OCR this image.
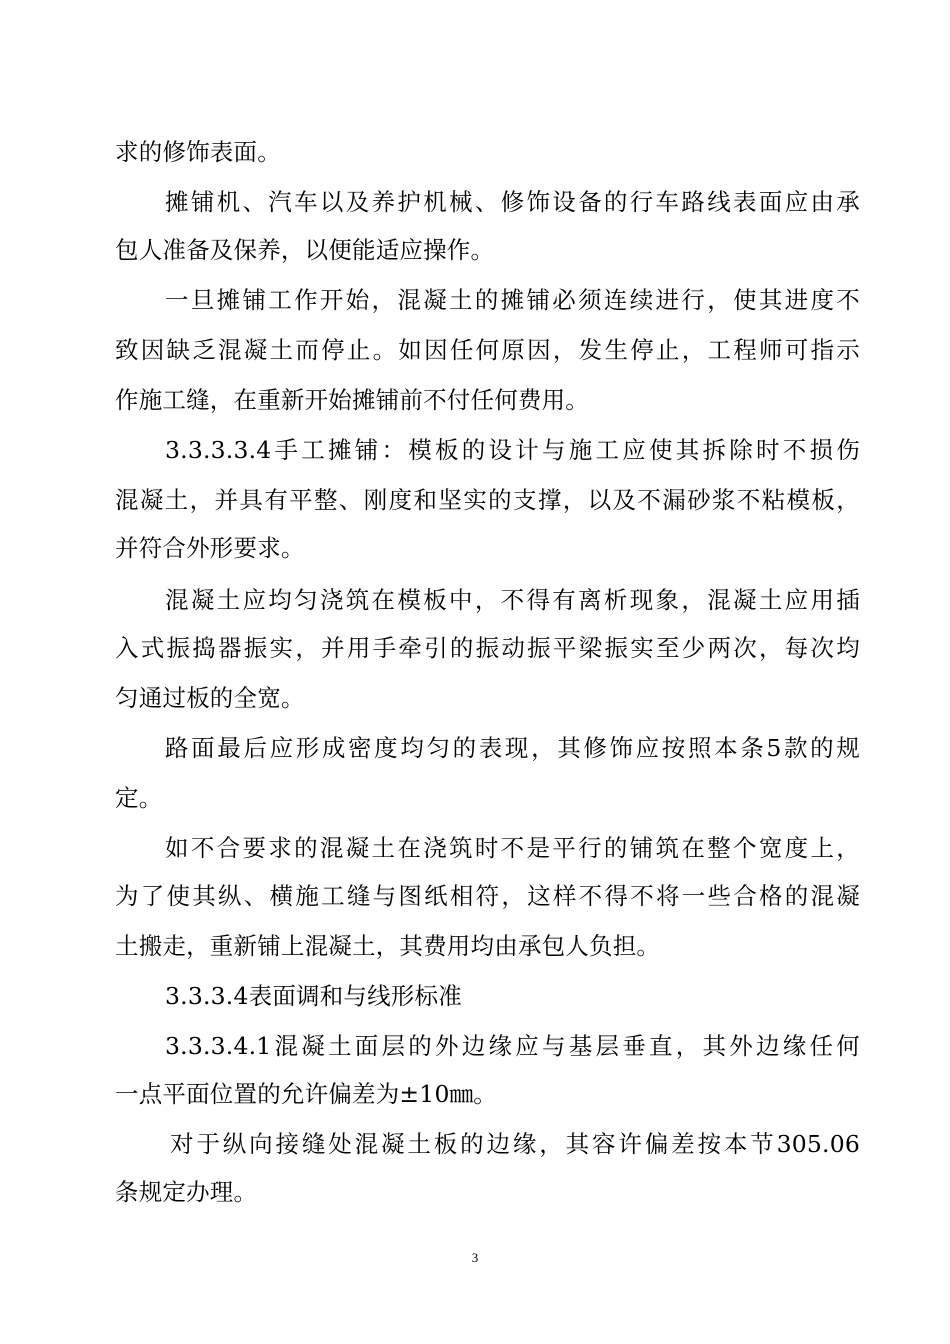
求的修饰表面。
摊铺机、汽车以及养护机械、修饰设备的行车路线表面应由承
包人准备及保养，以便能适应操作。
一旦摊铺工作开始，混凝土的摊铺必须连续进行，使其进度不
致因缺乏混凝土而停止。如因任何原因，发生停止，工程师可指示
作施工缝，在重新开始摊铺前不付任何费用。
3.3.3.3.4手工摊铺：模板的设计与施工应使其拆除时不损伤
混凝土，并具有平整、刚度和坚实的支撑，以及不漏砂浆不粘模板，
并符合外形要求。
混凝土应均匀浇筑在模板中，不得有离析现象，混凝土应用插
入式振捣器振实，并用手牵引的振动振平梁振实至少两次，每次均
匀通过板的全宽。
路面最后应形成密度均匀的表现，其修饰应按照本条5款的规
定。
如不合要求的混凝土在浇筑时不是平行的铺筑在整个宽度上，
为了使其纵、横施工缝与图纸相符，这样不得不将一些合格的混凝
土搬走，重新铺上混凝土，其费用均由承包人负担。
3.3.3.4表面调和与线形标准
3.3.3.4.1混凝土面层的外边缘应与基层垂直，其外边缘任何
一点平面位置的允许偏差为±10㎜。
对于纵向接缝处混凝土板的边缘，其容许偏差按本节305.06
条规定办理。
3
